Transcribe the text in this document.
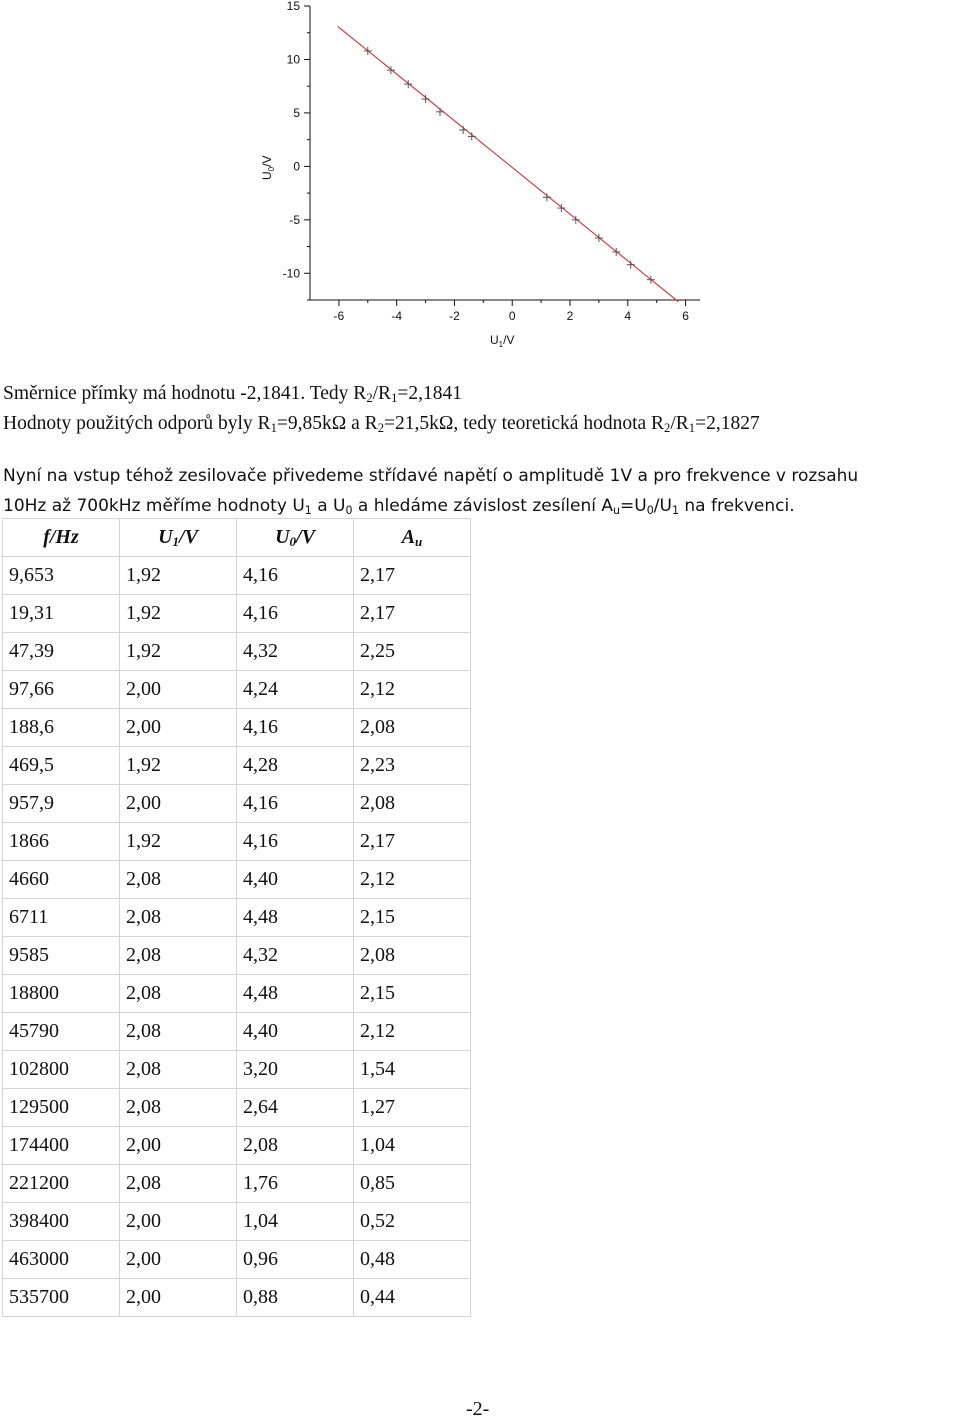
-10
-5
0
5
10
15
-6	-4	-2	0	2	4	6
$U_0/V$
$U_1/V$
Směrnice přímky má hodnotu -2,1841. Tedy $R_2/R_1=2,1841$
Hodnoty použitých odporů byly $R_1=9,85k\Omega$ a $R_2=21,5k\Omega$, tedy teoretická hodnota $R_2/R_1=2,1827$
Nyní na vstup téhož zesilovače přivedeme střídavé napětí o amplitudě 1V a pro frekvence v rozsahu
10Hz až 700kHz měříme hodnoty $U_1$ a $U_0$ a hledáme závislost zesílení $A_u=U_0/U_1$ na frekvenci.
f/Hz	$U_1/V$	$U_0/V$	$A_u$
9,653	1,92	4,16	2,17
19,31	1,92	4,16	2,17
47,39	1,92	4,32	2,25
97,66	2,00	4,24	2,12
188,6	2,00	4,16	2,08
469,5	1,92	4,28	2,23
957,9	2,00	4,16	2,08
1866	1,92	4,16	2,17
4660	2,08	4,40	2,12
6711	2,08	4,48	2,15
9585	2,08	4,32	2,08
18800	2,08	4,48	2,15
45790	2,08	4,40	2,12
102800	2,08	3,20	1,54
129500	2,08	2,64	1,27
174400	2,00	2,08	1,04
221200	2,08	1,76	0,85
398400	2,00	1,04	0,52
463000	2,00	0,96	0,48
535700	2,00	0,88	0,44
-2-
